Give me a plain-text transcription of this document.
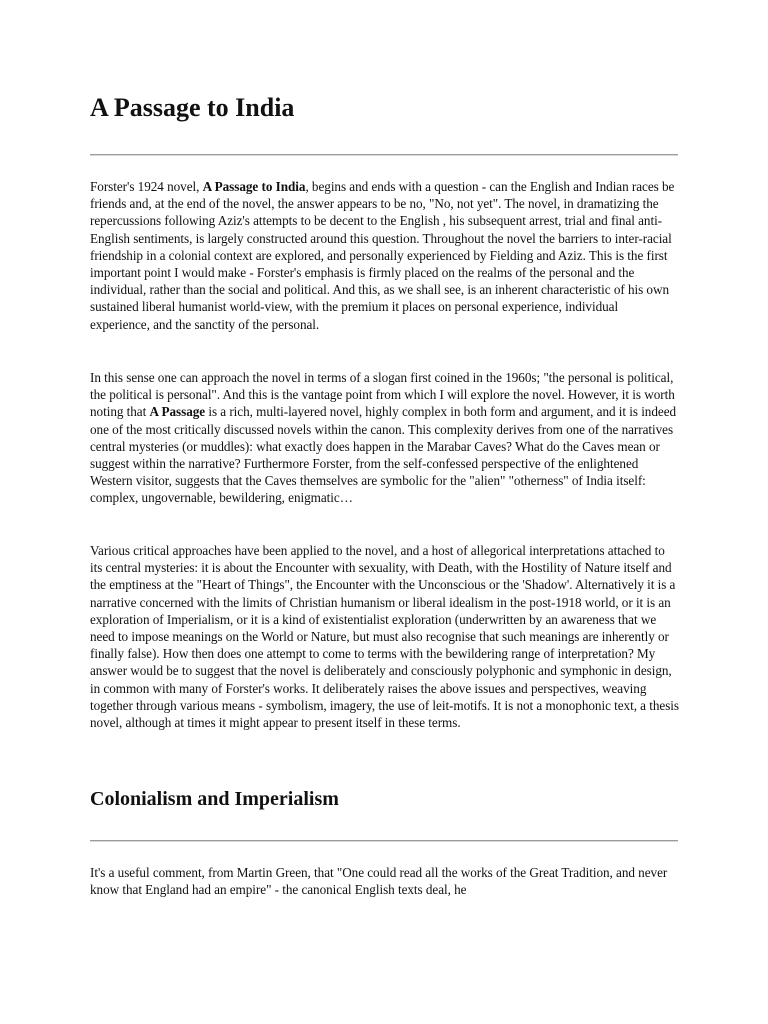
A Passage to India

Forster's 1924 novel, A Passage to India, begins and ends with a question - can the English and Indian races be friends and, at the end of the novel, the answer appears to be no, "No, not yet". The novel, in dramatizing the repercussions following Aziz's attempts to be decent to the English , his subsequent arrest, trial and final anti-English sentiments, is largely constructed around this question. Throughout the novel the barriers to inter-racial friendship in a colonial context are explored, and personally experienced by Fielding and Aziz. This is the first important point I would make - Forster's emphasis is firmly placed on the realms of the personal and the individual, rather than the social and political. And this, as we shall see, is an inherent characteristic of his own sustained liberal humanist world-view, with the premium it places on personal experience, individual experience, and the sanctity of the personal.

In this sense one can approach the novel in terms of a slogan first coined in the 1960s; "the personal is political, the political is personal". And this is the vantage point from which I will explore the novel. However, it is worth noting that A Passage is a rich, multi-layered novel, highly complex in both form and argument, and it is indeed one of the most critically discussed novels within the canon. This complexity derives from one of the narratives central mysteries (or muddles): what exactly does happen in the Marabar Caves? What do the Caves mean or suggest within the narrative? Furthermore Forster, from the self-confessed perspective of the enlightened Western visitor, suggests that the Caves themselves are symbolic for the "alien" "otherness" of India itself: complex, ungovernable, bewildering, enigmatic…

Various critical approaches have been applied to the novel, and a host of allegorical interpretations attached to its central mysteries: it is about the Encounter with sexuality, with Death, with the Hostility of Nature itself and the emptiness at the "Heart of Things", the Encounter with the Unconscious or the 'Shadow'. Alternatively it is a narrative concerned with the limits of Christian humanism or liberal idealism in the post-1918 world, or it is an exploration of Imperialism, or it is a kind of existentialist exploration (underwritten by an awareness that we need to impose meanings on the World or Nature, but must also recognise that such meanings are inherently or finally false). How then does one attempt to come to terms with the bewildering range of interpretation? My answer would be to suggest that the novel is deliberately and consciously polyphonic and symphonic in design, in common with many of Forster's works. It deliberately raises the above issues and perspectives, weaving together through various means - symbolism, imagery, the use of leit-motifs. It is not a monophonic text, a thesis novel, although at times it might appear to present itself in these terms.

Colonialism and Imperialism

It's a useful comment, from Martin Green, that "One could read all the works of the Great Tradition, and never know that England had an empire" - the canonical English texts deal, he
